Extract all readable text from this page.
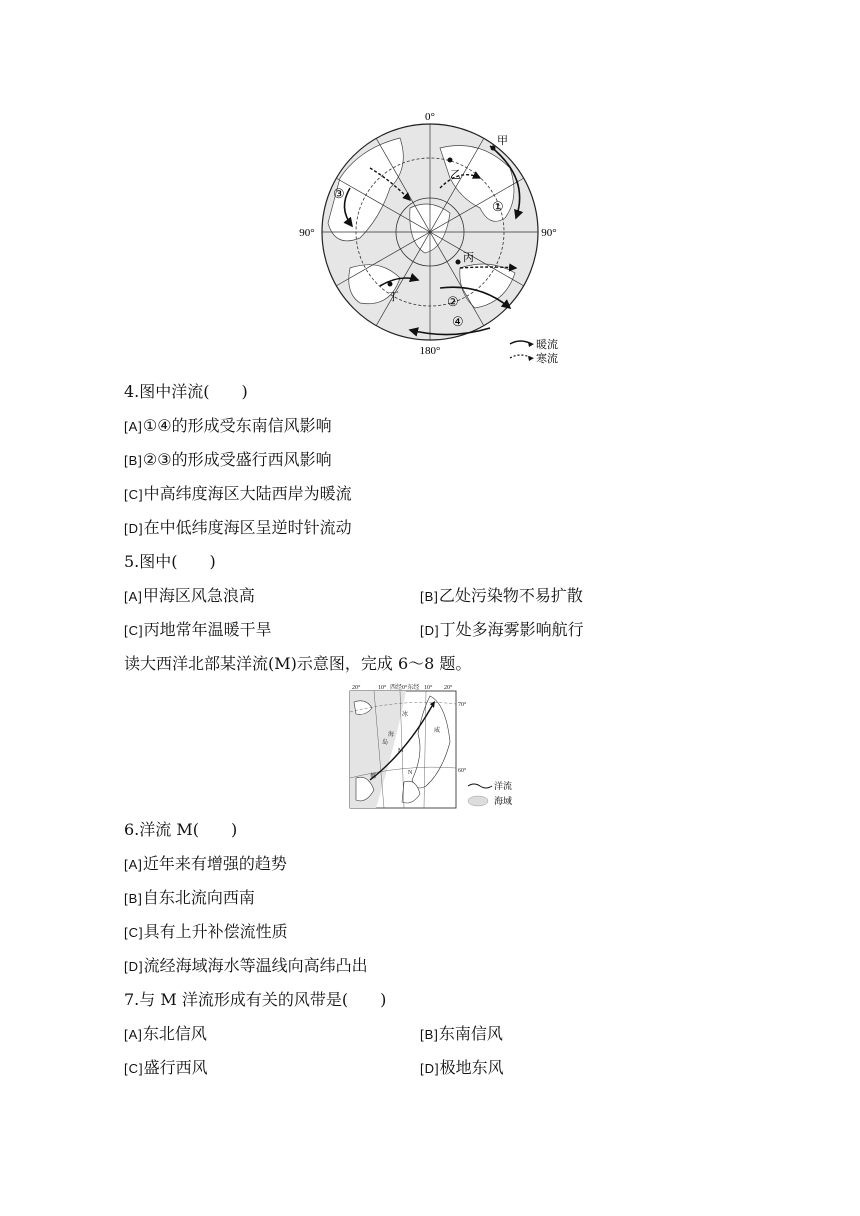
0°
180°
90°	90°
甲
乙
丙
丁
①
②
③
④
暖流
寒流
4.图中洋流(　　)
[A]①④的形成受东南信风影响
[B]②③的形成受盛行西风影响
[C]中高纬度海区大陆西岸为暖流
[D]在中低纬度海区呈逆时针流动
5.图中(　　)
[A]甲海区风急浪高	[B]乙处污染物不易扩散
[C]丙地常年温暖干旱	[D]丁处多海雾影响航行
读大西洋北部某洋流(M)示意图，完成 6～8 题。
20°	10° 西经0°东经 10° 20°
70°
60°
冰
岛
挪
威
海
M
N
洋流
海域
6.洋流 M(　　)
[A]近年来有增强的趋势
[B]自东北流向西南
[C]具有上升补偿流性质
[D]流经海域海水等温线向高纬凸出
7.与 M 洋流形成有关的风带是(　　)
[A]东北信风	[B]东南信风
[C]盛行西风	[D]极地东风
